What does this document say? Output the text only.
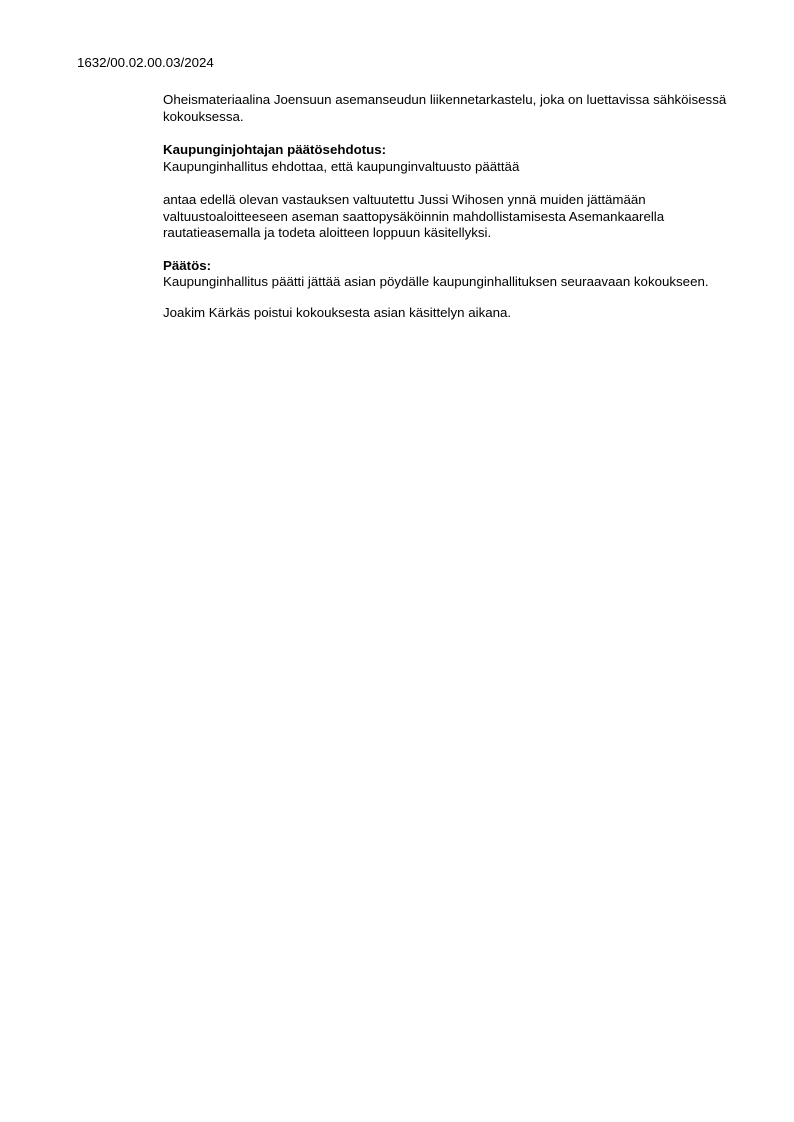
1632/00.02.00.03/2024

Oheismateriaalina Joensuun asemanseudun liikennetarkastelu, joka on luettavissa sähköisessä kokouksessa.

Kaupunginjohtajan päätösehdotus:

Kaupunginhallitus ehdottaa, että kaupunginvaltuusto päättää

antaa edellä olevan vastauksen valtuutettu Jussi Wihosen ynnä muiden jättämään valtuustoaloitteeseen aseman saattopysäköinnin mahdollistamisesta Asemankaarella rautatieasemalla ja todeta aloitteen loppuun käsitellyksi.

Päätös:

Kaupunginhallitus päätti jättää asian pöydälle kaupunginhallituksen seuraavaan kokoukseen.

Joakim Kärkäs poistui kokouksesta asian käsittelyn aikana.
